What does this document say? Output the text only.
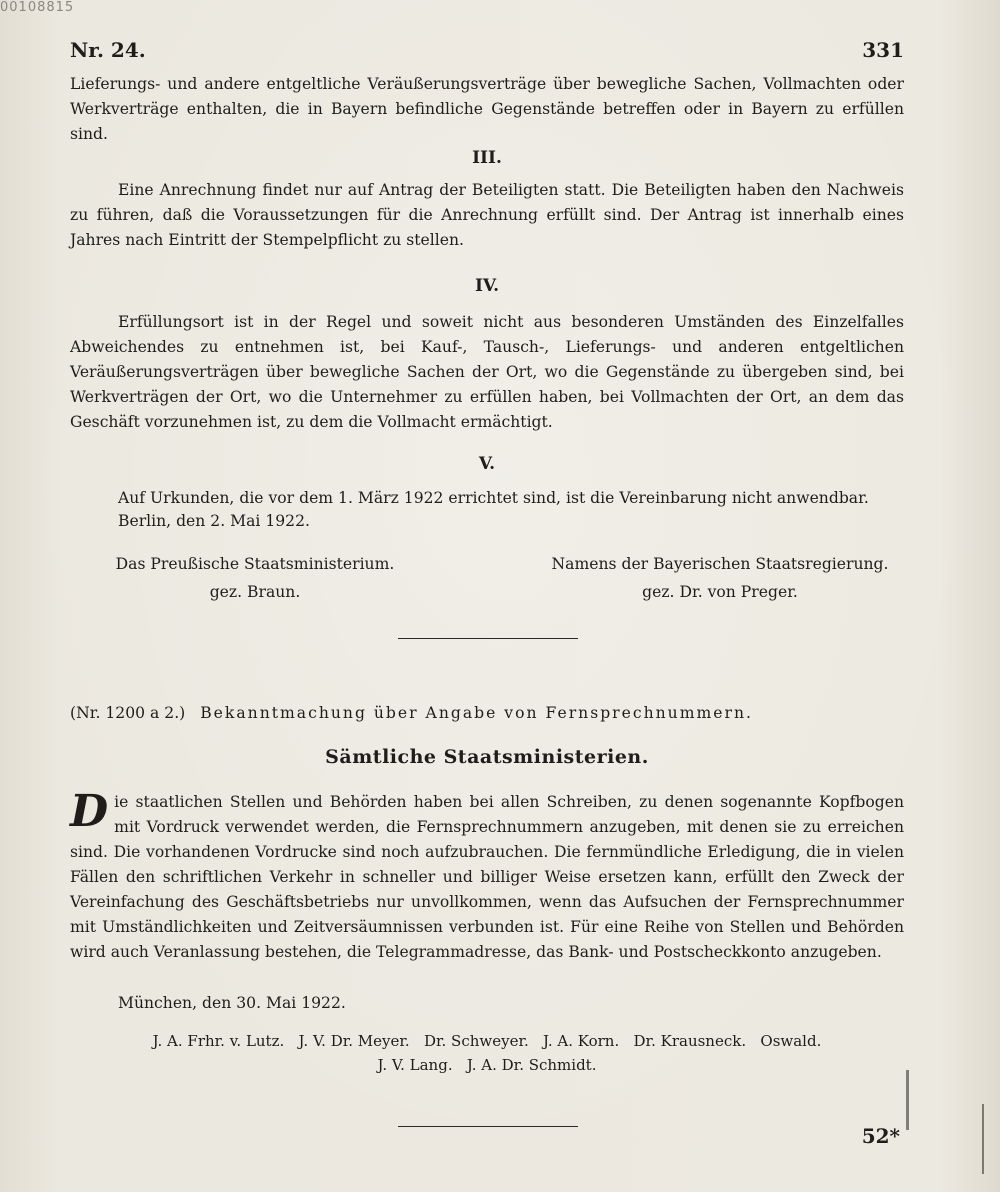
00108815
Nr. 24.	331
Lieferungs- und andere entgeltliche Veräußerungsverträge über bewegliche Sachen, Vollmachten oder Werkverträge enthalten, die in Bayern befindliche Gegenstände betreffen oder in Bayern zu erfüllen sind.
III.
Eine Anrechnung findet nur auf Antrag der Beteiligten statt. Die Beteiligten haben den Nachweis zu führen, daß die Voraussetzungen für die Anrechnung erfüllt sind. Der Antrag ist innerhalb eines Jahres nach Eintritt der Stempelpflicht zu stellen.
IV.
Erfüllungsort ist in der Regel und soweit nicht aus besonderen Umständen des Einzelfalles Abweichendes zu entnehmen ist, bei Kauf-, Tausch-, Lieferungs- und anderen entgeltlichen Veräußerungsverträgen über bewegliche Sachen der Ort, wo die Gegenstände zu übergeben sind, bei Werkverträgen der Ort, wo die Unternehmer zu erfüllen haben, bei Vollmachten der Ort, an dem das Geschäft vorzunehmen ist, zu dem die Vollmacht ermächtigt.
V.
Auf Urkunden, die vor dem 1. März 1922 errichtet sind, ist die Vereinbarung nicht anwendbar.
Berlin, den 2. Mai 1922.
Das Preußische Staatsministerium.
gez. Braun.
Namens der Bayerischen Staatsregierung.
gez. Dr. von Preger.
(Nr. 1200 a 2.) Bekanntmachung über Angabe von Fernsprechnummern.
Sämtliche Staatsministerien.
Die staatlichen Stellen und Behörden haben bei allen Schreiben, zu denen sogenannte Kopfbogen mit Vordruck verwendet werden, die Fernsprechnummern anzugeben, mit denen sie zu erreichen sind. Die vorhandenen Vordrucke sind noch aufzubrauchen. Die fernmündliche Erledigung, die in vielen Fällen den schriftlichen Verkehr in schneller und billiger Weise ersetzen kann, erfüllt den Zweck der Vereinfachung des Geschäftsbetriebs nur unvollkommen, wenn das Aufsuchen der Fernsprechnummer mit Umständlichkeiten und Zeitversäumnissen verbunden ist. Für eine Reihe von Stellen und Behörden wird auch Veranlassung bestehen, die Telegrammadresse, das Bank- und Postscheckkonto anzugeben.
München, den 30. Mai 1922.
J. A. Frhr. v. Lutz.   J. V. Dr. Meyer.   Dr. Schweyer.   J. A. Korn.   Dr. Krausneck.   Oswald.
J. V. Lang.   J. A. Dr. Schmidt.
52*
